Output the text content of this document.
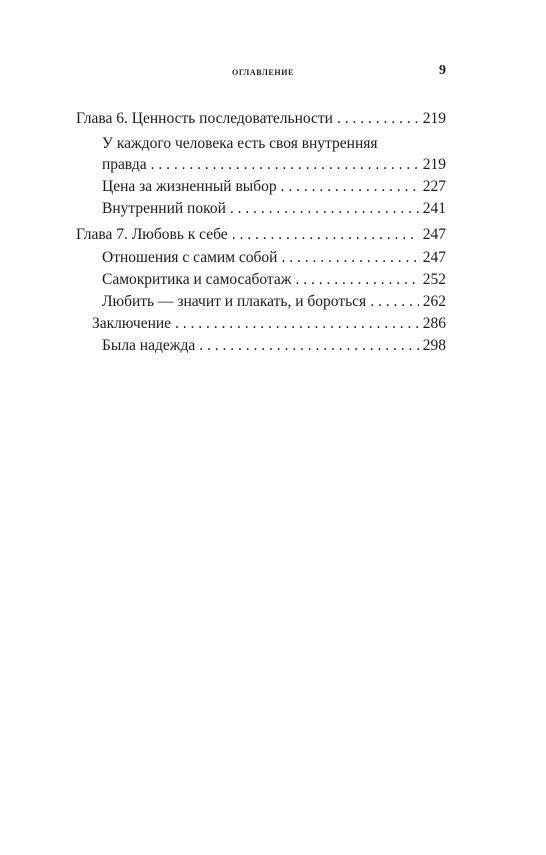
оглавление	9
Глава 6. Ценность последовательности . . .	219
У каждого человека есть своя внутренняя
правда . . .	219
Цена за жизненный выбор . . .	227
Внутренний покой . . .	241
Глава 7. Любовь к себе . . .	247
Отношения с самим собой . . .	247
Самокритика и самосаботаж . . .	252
Любить — значит и плакать, и бороться . . .	262
Заключение . . .	286
Была надежда . . .	298
